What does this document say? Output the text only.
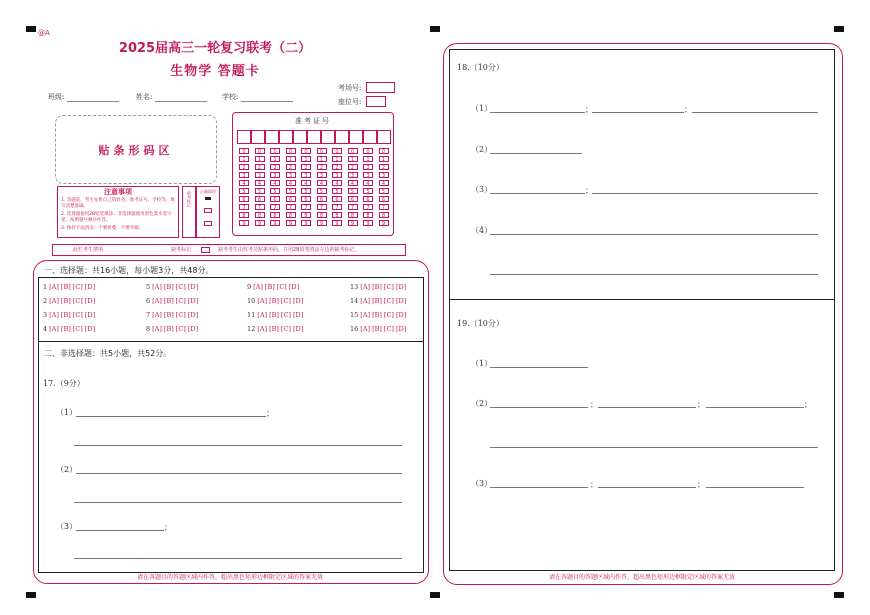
@A
2025届高三一轮复习联考（二）
生物学 答题卡
考场号:
座位号:
班级:	姓名:	学校:
贴条形码区
准考证号
0	0	0	0	0	0	0	0	0	0
1	1	1	1	1	1	1	1	1	1
2	2	2	2	2	2	2	2	2	2
3	3	3	3	3	3	3	3	3	3
4	4	4	4	4	4	4	4	4	4
5	5	5	5	5	5	5	5	5	5
6	6	6	6	6	6	6	6	6	6
7	7	7	7	7	7	7	7	7	7
8	8	8	8	8	8	8	8	8	8
9	9	9	9	9	9	9	9	9	9
注意事项
1. 答题前，考生先将自己的姓名、准考证号、学校等，填写清楚准确。
2. 选择题使用2B铅笔填涂；非选择题使用黑色墨水签字笔，按照题号顺序作答。
3. 保持卡面清洁，不要折叠，不要弄破。
缺考标记	正确填涂
此栏考生禁填	缺考标记	缺考考生由监考员贴条形码，并用2B铅笔填涂左边的缺考标记。
一、选择题：共16小题，每小题3分，共48分。
1 [A] [B] [C] [D]
2 [A] [B] [C] [D]
3 [A] [B] [C] [D]
4 [A] [B] [C] [D]
5 [A] [B] [C] [D]
6 [A] [B] [C] [D]
7 [A] [B] [C] [D]
8 [A] [B] [C] [D]
9 [A] [B] [C] [D]
10 [A] [B] [C] [D]
11 [A] [B] [C] [D]
12 [A] [B] [C] [D]
13 [A] [B] [C] [D]
14 [A] [B] [C] [D]
15 [A] [B] [C] [D]
16 [A] [B] [C] [D]
二、非选择题：共5小题，共52分。
17.（9分）
（1）	；
（2）
（3）	；
请在各题目的答题区域内作答，超出黑色矩形边框限定区域的答案无效
18.（10分）
（1）	；	；
（2）
（3）	；
（4）
19.（10分）
（1）
（2）	；	；	；
（3）	；	；
请在各题目的答题区域内作答，超出黑色矩形边框限定区域的答案无效
